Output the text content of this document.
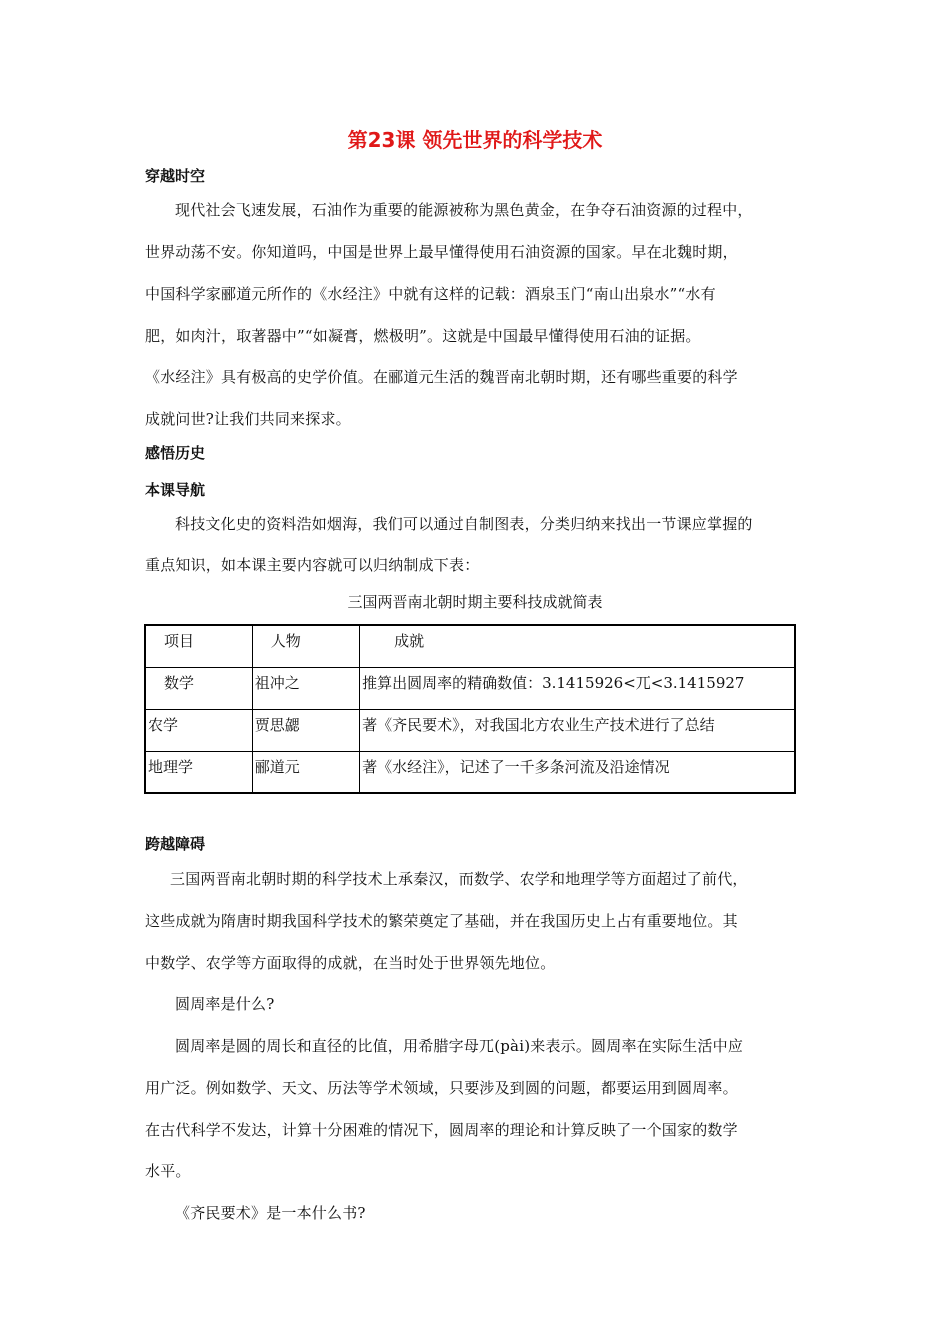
第23课 领先世界的科学技术
穿越时空
现代社会飞速发展，石油作为重要的能源被称为黑色黄金，在争夺石油资源的过程中，
世界动荡不安。你知道吗，中国是世界上最早懂得使用石油资源的国家。早在北魏时期，
中国科学家郦道元所作的《水经注》中就有这样的记载：酒泉玉门“南山出泉水”“水有
肥，如肉汁，取著器中”“如凝膏，燃极明”。这就是中国最早懂得使用石油的证据。
《水经注》具有极高的史学价值。在郦道元生活的魏晋南北朝时期，还有哪些重要的科学
成就问世?让我们共同来探求。
感悟历史
本课导航
科技文化史的资料浩如烟海，我们可以通过自制图表，分类归纳来找出一节课应掌握的
重点知识，如本课主要内容就可以归纳制成下表：
三国两晋南北朝时期主要科技成就简表
项目	人物	成就
数学	祖冲之	推算出圆周率的精确数值：3.1415926<兀<3.1415927
农学	贾思勰	著《齐民要术》，对我国北方农业生产技术进行了总结
地理学	郦道元	著《水经注》，记述了一千多条河流及沿途情况
跨越障碍
三国两晋南北朝时期的科学技术上承秦汉，而数学、农学和地理学等方面超过了前代，
这些成就为隋唐时期我国科学技术的繁荣奠定了基础，并在我国历史上占有重要地位。其
中数学、农学等方面取得的成就，在当时处于世界领先地位。
圆周率是什么?
圆周率是圆的周长和直径的比值，用希腊字母兀(pài)来表示。圆周率在实际生活中应
用广泛。例如数学、天文、历法等学术领域，只要涉及到圆的问题，都要运用到圆周率。
在古代科学不发达，计算十分困难的情况下，圆周率的理论和计算反映了一个国家的数学
水平。
《齐民要术》是一本什么书?
